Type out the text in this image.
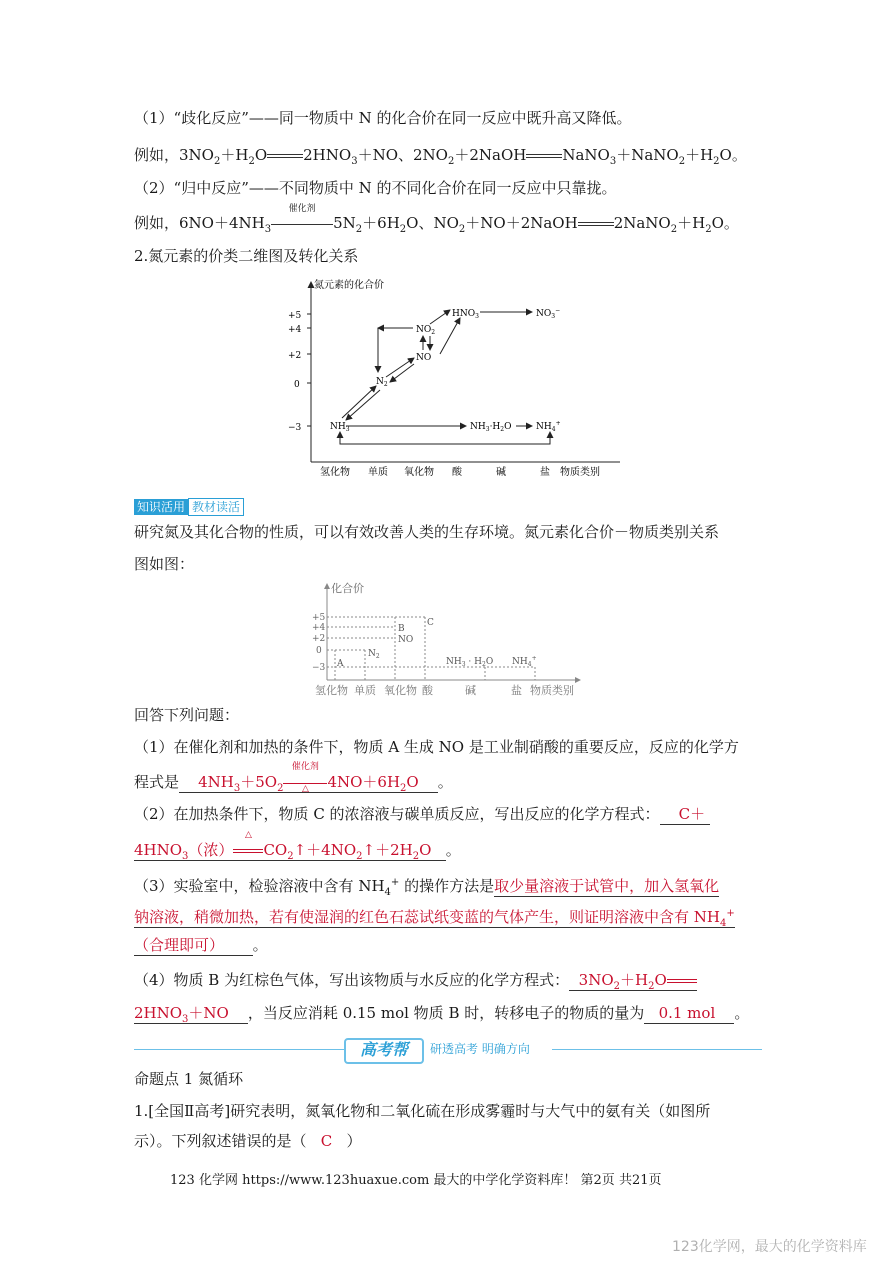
（1）“歧化反应”——同一物质中 N 的化合价在同一反应中既升高又降低。
例如，$3NO_2+H_2O$ $2HNO_3+NO$、$2NO_2+2NaOH$ $NaNO_3+NaNO_2+H_2O$。
（2）“归中反应”——不同物质中 N 的不同化合价在同一反应中只靠拢。
例如，$6NO+4NH_3$
催化剂
$5N_2+6H_2O$、$NO_2+NO+2NaOH$ $2NaNO_2+H_2O$。
2.氮元素的价类二维图及转化关系
氮元素的化合价
+5
+4
+2
0
−3
氢化物 单质 氧化物 酸	碱	盐 物质类别
$HNO_3$	$NO_3^-$
$NO_2$
NO
$N_2$
$NH_3$	$NH_3\cdot H_2O$	$NH_4^+$
知识活用 教材读活
研究氮及其化合物的性质，可以有效改善人类的生存环境。氮元素化合价－物质类别关系
图如图：
化合价
+5
+4
+2
0
−3 A
$N_2$
B
NO
C
$NH_3 \cdot H_2O$ $NH_4^+$
氢化物 单质 氧化物 酸	碱	盐 物质类别
回答下列问题：
（1）在催化剂和加热的条件下，物质 A 生成 NO 是工业制硝酸的重要反应，反应的化学方
程式是    $4NH_3+5O_2$
催化剂
△	$4NO+6H_2O$    。
（2）在加热条件下，物质 C 的浓溶液与碳单质反应，写出反应的化学方程式：    C＋
$4HNO_3$（浓）
△
$CO_2↑+4NO_2↑+2H_2O$   。
（3）实验室中，检验溶液中含有 $NH_4^+$ 的操作方法是取少量溶液于试管中，加入氢氧化
钠溶液，稍微加热，若有使湿润的红色石蕊试纸变蓝的气体产生，则证明溶液中含有 $NH_4^+$
（合理即可） 。
（4）物质 B 为红棕色气体，写出该物质与水反应的化学方程式：  $3NO_2+H_2O$
$2HNO_3+NO$    ，当反应消耗 0.15 mol 物质 B 时，转移电子的物质的量为 0.1 mol 。
高考帮	研透高考 明确方向
命题点 1 氮循环
1.[全国Ⅱ高考]研究表明，氮氧化物和二氧化硫在形成雾霾时与大气中的氨有关（如图所
示）。下列叙述错误的是（ C ）
123 化学网 https://www.123huaxue.com 最大的中学化学资料库！ 第2页 共21页
123化学网，最大的化学资料库
